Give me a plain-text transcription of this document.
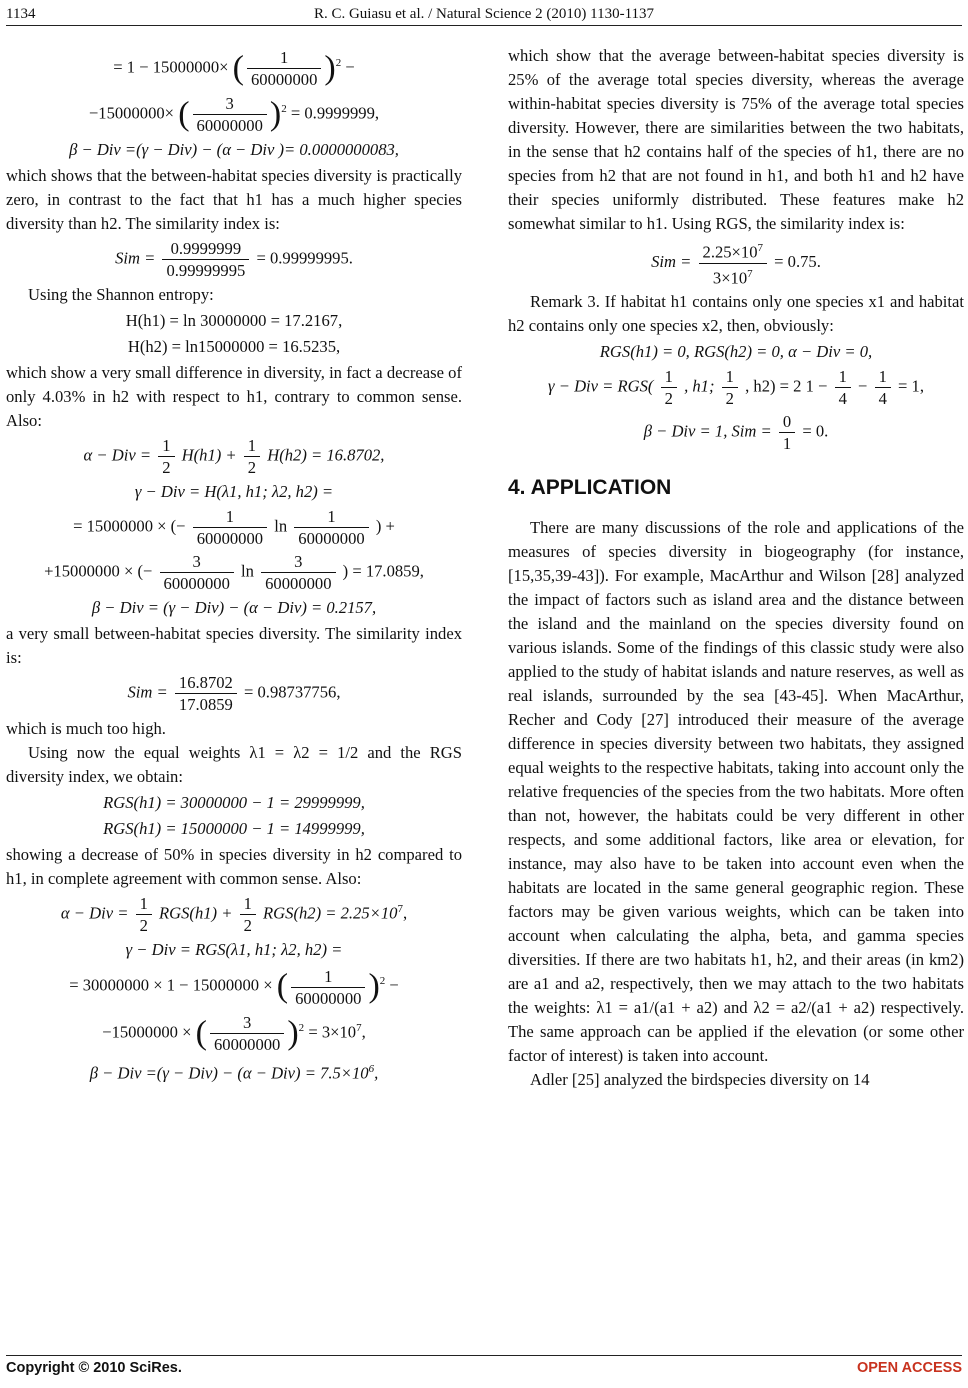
1134	R. C. Guiasu et al. / Natural Science 2 (2010) 1130-1137
= 1 − 15000000× ( $\frac{1}{60000000} )^2$ −
−15000000× ( $\frac{3}{60000000} )^2 = 0.9999999$,
β − Div =(γ − Div) − (α − Div )= 0.0000000083,

which shows that the between-habitat species diversity is practically zero, in contrast to the fact that h1 has a much higher species diversity than h2. The similarity index is:

Sim = $\frac{0.9999999}{0.99999995} = 0.99999995$.

Using the Shannon entropy:

H(h1) = ln 30000000 = 17.2167,
H(h2) = ln15000000 = 16.5235,

which show a very small difference in diversity, in fact a decrease of only 4.03% in h2 with respect to h1, contrary to common sense. Also:

α − Div = $\frac{1}{2} H(h1) + \frac{1}{2} H(h2) = 16.8702$,
γ − Div = H(λ1, h1; λ2, h2) =
= 15000000 × (− $\frac{1}{60000000}$ $\ln \frac{1}{60000000}$ ) +
+15000000 × (− $\frac{3}{60000000}$ $\ln \frac{3}{60000000}$ ) = 17.0859,
β − Div = (γ − Div) − (α − Div) = 0.2157,

a very small between-habitat species diversity. The similarity index is:

Sim = $\frac{16.8702}{17.0859} = 0.98737756$,

which is much too high.

Using now the equal weights λ1 = λ2 = 1/2 and the RGS diversity index, we obtain:

RGS(h1) = 30000000 − 1 = 29999999,
RGS(h1) = 15000000 − 1 = 14999999,

showing a decrease of 50% in species diversity in h2 compared to h1, in complete agreement with common sense. Also:

α − Div = $\frac{1}{2} RGS(h1) + \frac{1}{2} RGS(h2) = 2.25\times 10^7$,
γ − Div = RGS(λ1, h1; λ2, h2) =
= 30000000 × 1 − 15000000 × ( $\frac{1}{60000000} )^2$ −
−15000000 × ( $\frac{3}{60000000} )^2 = 3\times 10^7$,
β − Div $=(\gamma - Div) - (\alpha - Div) = 7.5\times 10^6$,

which show that the average between-habitat species diversity is 25% of the average total species diversity, whereas the average within-habitat species diversity is 75% of the average total species diversity. However, there are similarities between the two habitats, in the sense that h2 contains half of the species of h1, there are no species from h2 that are not found in h1, and both h1 and h2 have their species uniformly distributed. These features make h2 somewhat similar to h1. Using RGS, the similarity index is:

Sim = $\frac{2.25\times 10^7}{3\times 10^7} = 0.75$.

Remark 3. If habitat h1 contains only one species x1 and habitat h2 contains only one species x2, then, obviously:

RGS(h1) = 0, RGS(h2) = 0, α − Div = 0,
γ − Div = $RGS( \frac{1}{2}$ , h1; $\frac{1}{2}$ , h2) = 2 $1 - \frac{1}{4} - \frac{1}{4} = 1$,
β − Div = 1, Sim = $\frac{0}{1} = 0$.
4. APPLICATION

There are many discussions of the role and applications of the measures of species diversity in biogeography (for instance, [15,35,39-43]). For example, MacArthur and Wilson [28] analyzed the impact of factors such as island area and the distance between the island and the mainland on the species diversity found on various islands. Some of the findings of this classic study were also applied to the study of habitat islands and nature reserves, as well as real islands, surrounded by the sea [43-45]. When MacArthur, Recher and Cody [27] introduced their measure of the average difference in species diversity between two habitats, they assigned equal weights to the respective habitats, taking into account only the relative frequencies of the species from the two habitats. More often than not, however, the habitats could be very different in other respects, and some additional factors, like area or elevation, for instance, may also have to be taken into account even when the habitats are located in the same general geographic region. These factors may be given various weights, which can be taken into account when calculating the alpha, beta, and gamma species diversities. If there are two habitats h1, h2, and their areas (in km2) are a1 and a2, respectively, then we may attach to the two habitats the weights: λ1 = a1/(a1 + a2) and λ2 = a2/(a1 + a2) respectively. The same approach can be applied if the elevation (or some other factor of interest) is taken into account.

Adler [25] analyzed the birdspecies diversity on 14

Copyright © 2010 SciRes.	OPEN ACCESS
